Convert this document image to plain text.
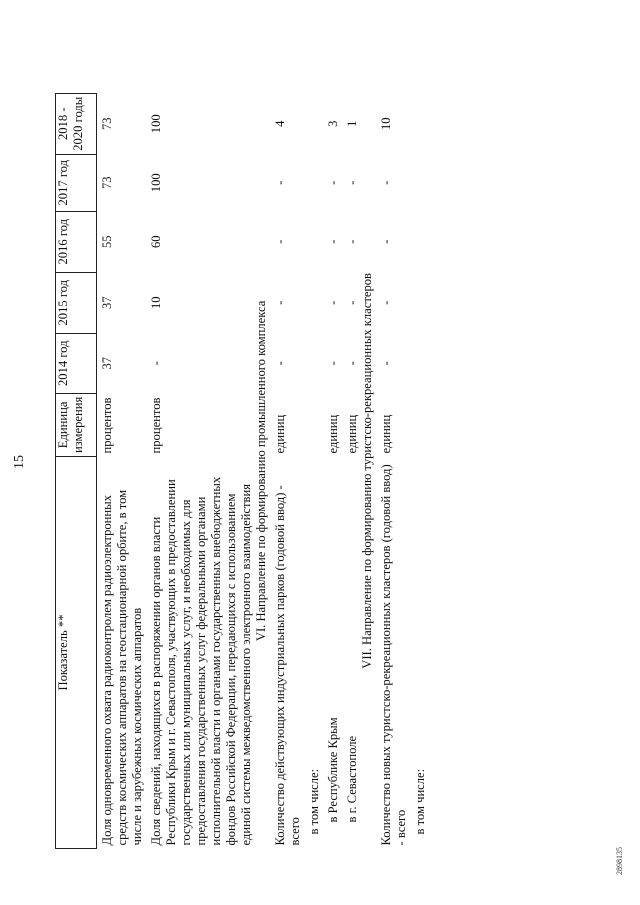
15
Показатель **	Единица измерения	2014 год	2015 год	2016 год	2017 год	2018 - 2020 годы
Доля одновременного охвата радиоконтролем радиоэлектронных средств космических аппаратов на геостационарной орбите, в том числе и зарубежных космических аппаратов	процентов	37	37	55	73	73
Доля сведений, находящихся в распоряжении органов власти Республики Крым и г. Севастополя, участвующих в предоставлении государственных или муниципальных услуг, и необходимых для предоставления государственных услуг федеральными органами исполнительной власти и органами государственных внебюджетных фондов Российской Федерации, передающихся с использованием единой системы межведомственного электронного взаимодействия	процентов	-	10	60	100	100
VI. Направление по формированию промышленного комплекса						
Количество действующих индустриальных парков (годовой ввод) - всего	единиц	-	-	-	-	4
в том числе:						
в Республике Крым	единиц	-	-	-	-	3
в г. Севастополе	единиц	-	-	-	-	1
VII. Направление по формированию туристско-рекреационных кластеров						
Количество новых туристско-рекреационных кластеров (годовой ввод) - всего	единиц	-	-	-	-	10
в том числе:						
2898135
